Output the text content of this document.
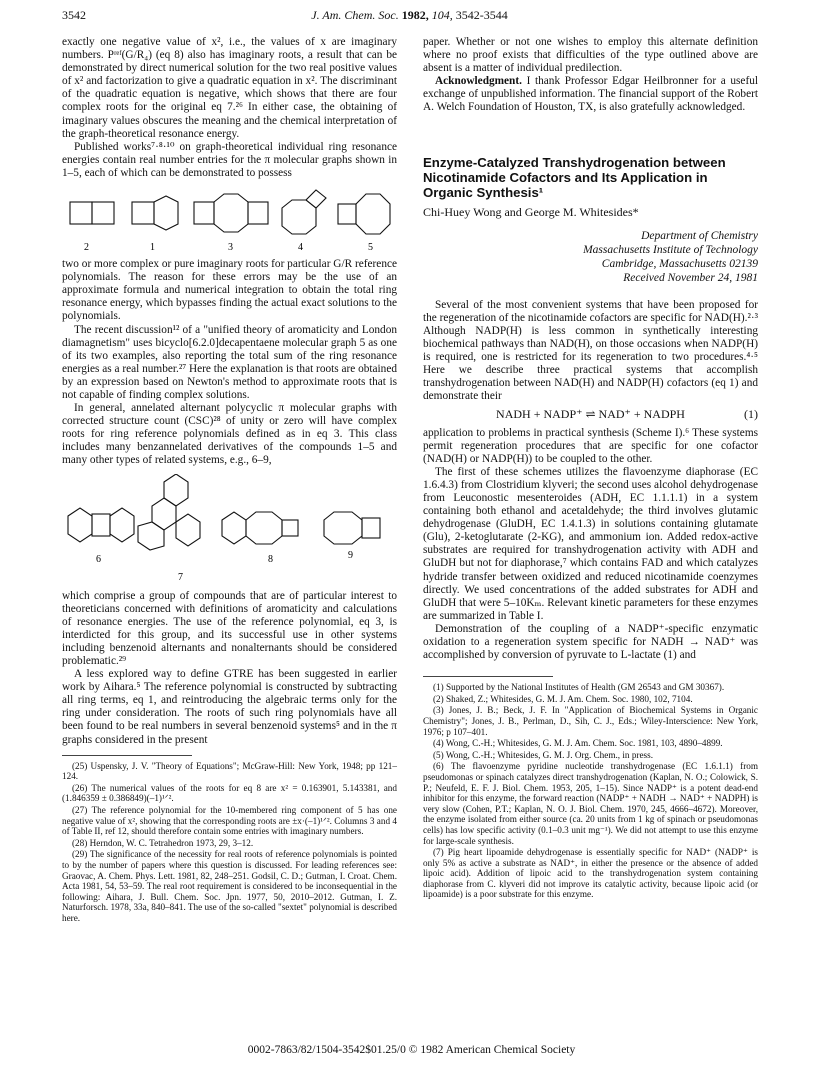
3542	J. Am. Chem. Soc. 1982, 104, 3542-3544

exactly one negative value of x², i.e., the values of x are imaginary numbers. Pʳᵉᶠ(G/R₄) (eq 8) also has imaginary roots, a result that can be demonstrated by direct numerical solution for the two real positive values of x² and factorization to give a quadratic equation in x². The discriminant of the quadratic equation is negative, which shows that there are four complex roots for the original eq 7.²⁶ In either case, the obtaining of imaginary values obscures the meaning and the chemical interpretation of the graph-theoretical resonance energy.

Published works⁷·⁸·¹⁰ on graph-theoretical individual ring resonance energies contain real number entries for the π molecular graphs shown in 1–5, each of which can be demonstrated to possess

2	1	3	4	5

two or more complex or pure imaginary roots for particular G/R reference polynomials. The reason for these errors may be the use of an approximate formula and numerical integration to obtain the total ring resonance energy, which bypasses finding the actual exact solutions to the polynomials.

The recent discussion¹² of a "unified theory of aromaticity and London diamagnetism" uses bicyclo[6.2.0]decapentaene molecular graph 5 as one of its two examples, also reporting the total sum of the ring resonance energies as a real number.²⁷ Here the explanation is that roots are obtained by an expression based on Newton's method to approximate roots that is not capable of finding complex solutions.

In general, annelated alternant polycyclic π molecular graphs with corrected structure count (CSC)²⁸ of unity or zero will have complex roots for ring reference polynomials defined as in eq 3. This class includes many benzannelated derivatives of the compounds 1–5 and many other types of related systems, e.g., 6–9,

6
7
8	9

which comprise a group of compounds that are of particular interest to theoreticians concerned with definitions of aromaticity and calculations of resonance energies. The use of the reference polynomial, eq 3, is interdicted for this group, and its successful use in other systems including benzenoid alternants and nonalternants should be considered problematic.²⁹

A less explored way to define GTRE has been suggested in earlier work by Aihara.⁵ The reference polynomial is constructed by subtracting all ring terms, eq 1, and reintroducing the algebraic terms only for the ring under consideration. The roots of such ring polynomials have all been found to be real numbers in several benzenoid systems⁵ and in the π graphs considered in the present

(25) Uspensky, J. V. "Theory of Equations"; McGraw-Hill: New York, 1948; pp 121–124.

(26) The numerical values of the roots for eq 8 are x² = 0.163901, 5.143381, and (1.846359 ± 0.386849)(–1)¹ᐟ².

(27) The reference polynomial for the 10-membered ring component of 5 has one negative value of x², showing that the corresponding roots are ±x·(–1)¹ᐟ². Columns 3 and 4 of Table II, ref 12, should therefore contain some entries with imaginary numbers.

(28) Herndon, W. C. Tetrahedron 1973, 29, 3–12.

(29) The significance of the necessity for real roots of reference polynomials is pointed to by the number of papers where this question is discussed. For leading references see: Graovac, A. Chem. Phys. Lett. 1981, 82, 248–251. Godsil, C. D.; Gutman, I. Croat. Chem. Acta 1981, 54, 53–59. The real root requirement is considered to be inconsequential in the following: Aihara, J. Bull. Chem. Soc. Jpn. 1977, 50, 2010–2012. Gutman, I. Z. Naturforsch. 1978, 33a, 840–841. The use of the so-called "sextet" polynomial is described here.

paper. Whether or not one wishes to employ this alternate definition where no proof exists that difficulties of the type outlined above are absent is a matter of individual predilection.

Acknowledgment. I thank Professor Edgar Heilbronner for a useful exchange of unpublished information. The financial support of the Robert A. Welch Foundation of Houston, TX, is also gratefully acknowledged.

Enzyme-Catalyzed Transhydrogenation between Nicotinamide Cofactors and Its Application in Organic Synthesis¹
Chi-Huey Wong and George M. Whitesides*
Department of Chemistry
Massachusetts Institute of Technology
Cambridge, Massachusetts 02139
Received November 24, 1981

Several of the most convenient systems that have been proposed for the regeneration of the nicotinamide cofactors are specific for NAD(H).²·³ Although NADP(H) is less common in synthetically interesting biochemical pathways than NAD(H), on those occasions when NADP(H) is required, one is restricted for its regeneration to two procedures.⁴·⁵ Here we describe three practical systems that accomplish transhydrogenation between NAD(H) and NADP(H) cofactors (eq 1) and demonstrate their

NADH + NADP⁺ ⇌ NAD⁺ + NADPH	(1)

application to problems in practical synthesis (Scheme I).⁶ These systems permit regeneration procedures that are specific for one cofactor (NAD(H) or NADP(H)) to be coupled to the other.

The first of these schemes utilizes the flavoenzyme diaphorase (EC 1.6.4.3) from Clostridium klyveri; the second uses alcohol dehydrogenase from Leuconostic mesenteroides (ADH, EC 1.1.1.1) in a system containing both ethanol and acetaldehyde; the third involves glutamic dehydrogenase (GluDH, EC 1.4.1.3) in solutions containing glutamate (Glu), 2-ketoglutarate (2-KG), and ammonium ion. Added redox-active substrates are required for transhydrogenation activity with ADH and GluDH but not for diaphorase,⁷ which contains FAD and which catalyzes hydride transfer between oxidized and reduced nicotinamide coenzymes directly. We used concentrations of the added substrates for ADH and GluDH that were 5–10Kₘ. Relevant kinetic parameters for these enzymes are summarized in Table I.

Demonstration of the coupling of a NADP⁺-specific enzymatic oxidation to a regeneration system specific for NADH → NAD⁺ was accomplished by conversion of pyruvate to L-lactate (1) and

(1) Supported by the National Institutes of Health (GM 26543 and GM 30367).

(2) Shaked, Z.; Whitesides, G. M. J. Am. Chem. Soc. 1980, 102, 7104.

(3) Jones, J. B.; Beck, J. F. In "Application of Biochemical Systems in Organic Chemistry"; Jones, J. B., Perlman, D., Sih, C. J., Eds.; Wiley-Interscience: New York, 1976; p 107–401.

(4) Wong, C.-H.; Whitesides, G. M. J. Am. Chem. Soc. 1981, 103, 4890–4899.

(5) Wong, C.-H.; Whitesides, G. M. J. Org. Chem., in press.

(6) The flavoenzyme pyridine nucleotide transhydrogenase (EC 1.6.1.1) from pseudomonas or spinach catalyzes direct transhydrogenation (Kaplan, N. O.; Colowick, S. P.; Neufeld, E. F. J. Biol. Chem. 1953, 205, 1–15). Since NADP⁺ is a potent dead-end inhibitor for this enzyme, the forward reaction (NADP⁺ + NADH → NAD⁺ + NADPH) is very slow (Cohen, P.T.; Kaplan, N. O. J. Biol. Chem. 1970, 245, 4666–4672). Moreover, the enzyme isolated from either source (ca. 20 units from 1 kg of spinach or pseudomonas cells) has low specific activity (0.1–0.3 unit mg⁻¹). We did not attempt to use this enzyme for large-scale synthesis.

(7) Pig heart lipoamide dehydrogenase is essentially specific for NAD⁺ (NADP⁺ is only 5% as active a substrate as NAD⁺, in either the presence or the absence of added lipoic acid). Addition of lipoic acid to the transhydrogenation system containing diaphorase from C. klyveri did not improve its catalytic activity, because lipoic acid (or lipoamide) is a poor substrate for this enzyme.

0002-7863/82/1504-3542$01.25/0 © 1982 American Chemical Society
